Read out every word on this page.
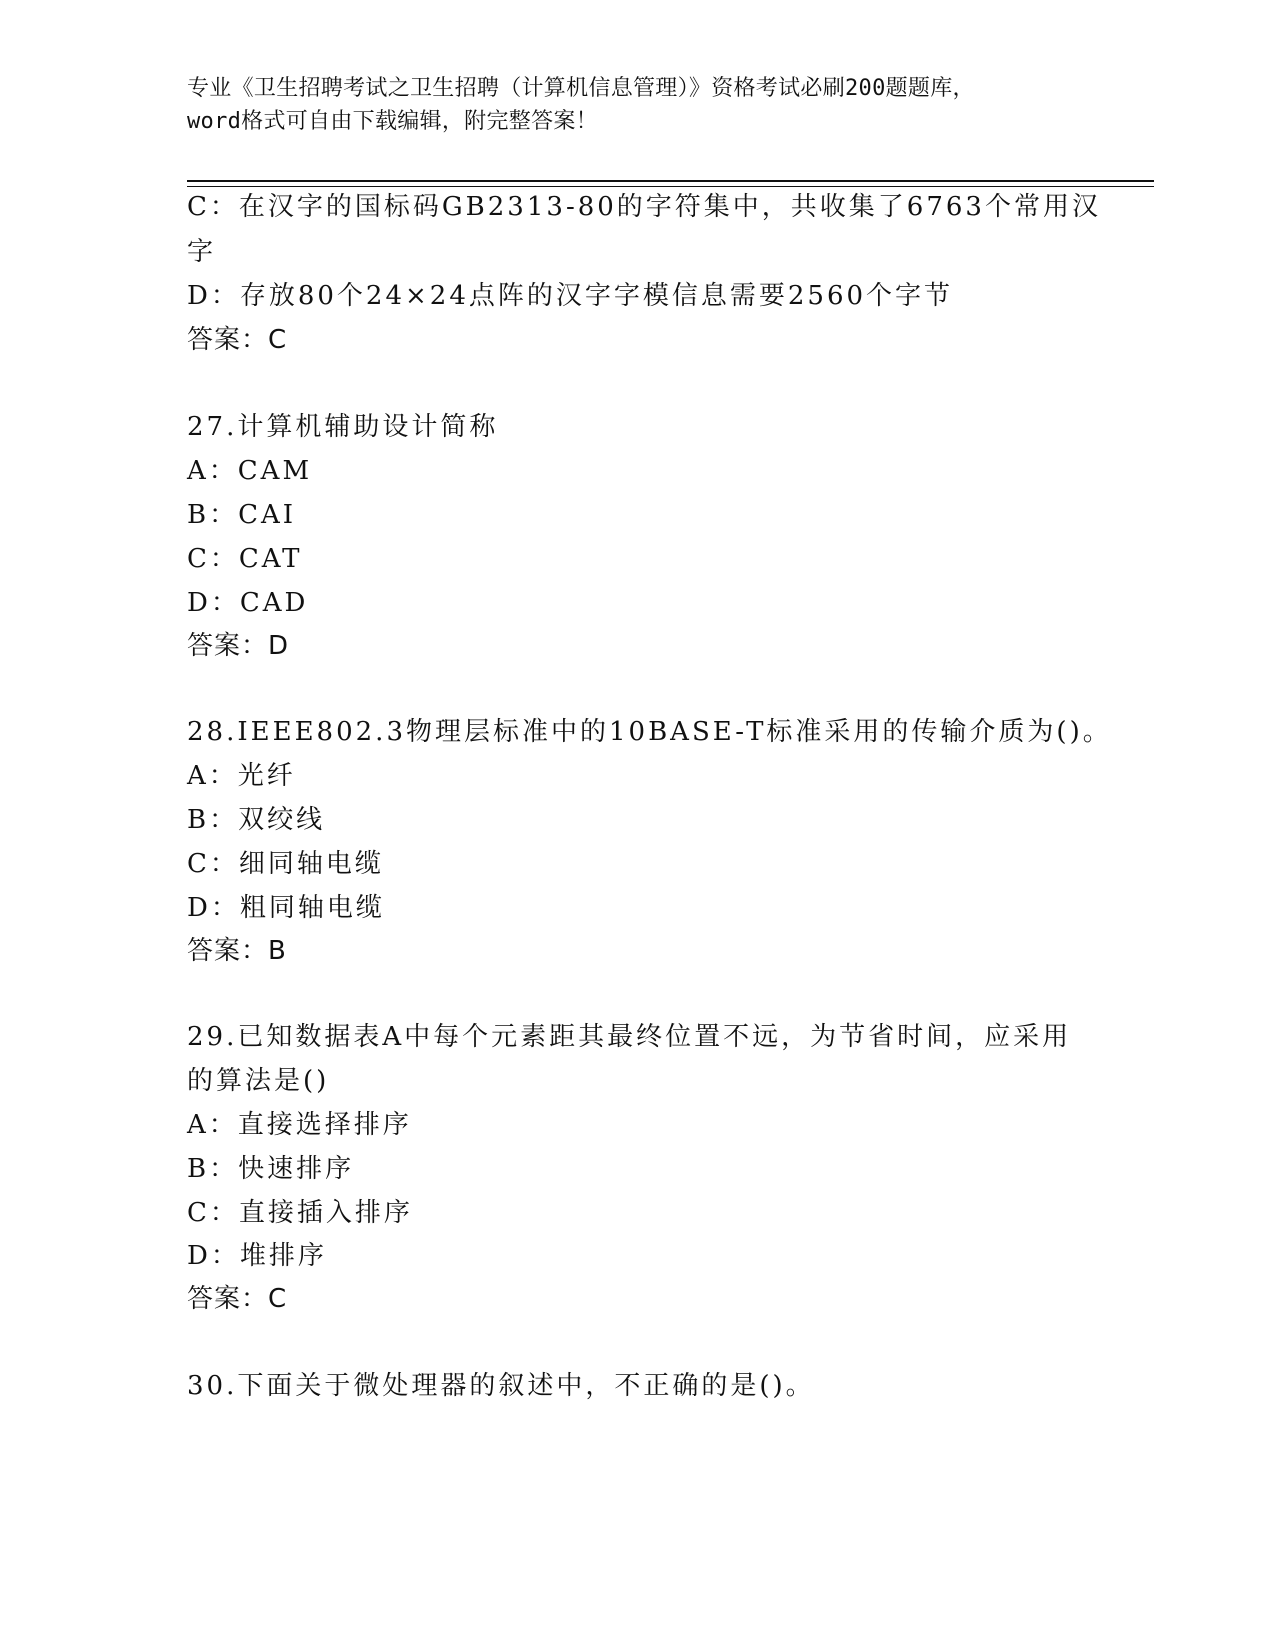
专业《卫生招聘考试之卫生招聘（计算机信息管理）》资格考试必刷200题题库，
word格式可自由下载编辑，附完整答案！
C：在汉字的国标码GB2313-80的字符集中，共收集了6763个常用汉
字
D：存放80个24×24点阵的汉字字模信息需要2560个字节
答案：C
27.计算机辅助设计简称
A：CAM
B：CAI
C：CAT
D：CAD
答案：D
28.IEEE802.3物理层标准中的10BASE-T标准采用的传输介质为()。
A：光纤
B：双绞线
C：细同轴电缆
D：粗同轴电缆
答案：B
29.已知数据表A中每个元素距其最终位置不远，为节省时间，应采用
的算法是()
A：直接选择排序
B：快速排序
C：直接插入排序
D：堆排序
答案：C
30.下面关于微处理器的叙述中，不正确的是()。
